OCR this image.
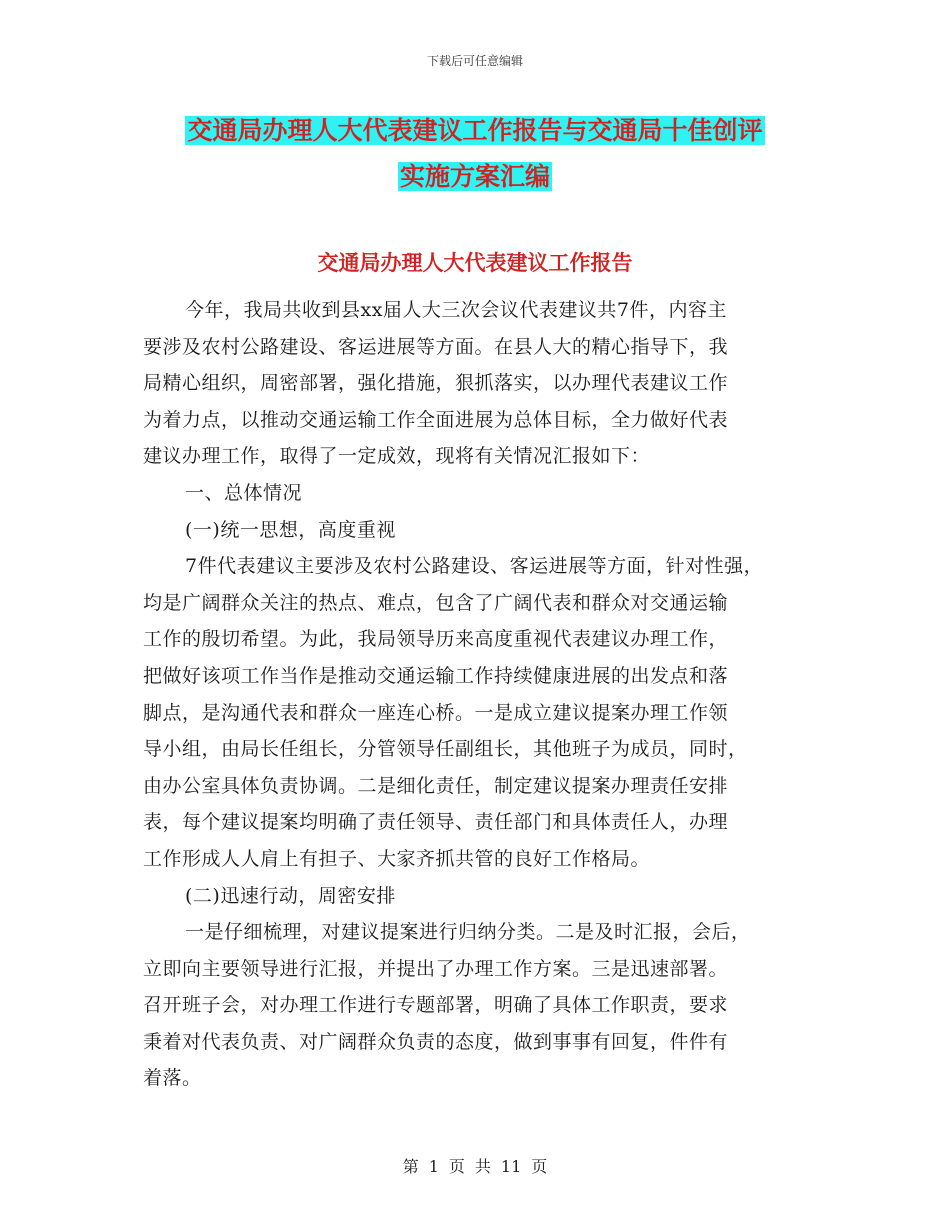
下载后可任意编辑
交通局办理人大代表建议工作报告与交通局十佳创评
实施方案汇编
交通局办理人大代表建议工作报告

今年，我局共收到县xx届人大三次会议代表建议共7件，内容主

要涉及农村公路建设、客运进展等方面。在县人大的精心指导下，我

局精心组织，周密部署，强化措施，狠抓落实，以办理代表建议工作

为着力点，以推动交通运输工作全面进展为总体目标，全力做好代表

建议办理工作，取得了一定成效，现将有关情况汇报如下：

一、总体情况

(一)统一思想，高度重视

7件代表建议主要涉及农村公路建设、客运进展等方面，针对性强，

均是广阔群众关注的热点、难点，包含了广阔代表和群众对交通运输

工作的殷切希望。为此，我局领导历来高度重视代表建议办理工作，

把做好该项工作当作是推动交通运输工作持续健康进展的出发点和落

脚点，是沟通代表和群众一座连心桥。一是成立建议提案办理工作领

导小组，由局长任组长，分管领导任副组长，其他班子为成员，同时，

由办公室具体负责协调。二是细化责任，制定建议提案办理责任安排

表，每个建议提案均明确了责任领导、责任部门和具体责任人，办理

工作形成人人肩上有担子、大家齐抓共管的良好工作格局。

(二)迅速行动，周密安排

一是仔细梳理，对建议提案进行归纳分类。二是及时汇报，会后，

立即向主要领导进行汇报，并提出了办理工作方案。三是迅速部署。

召开班子会，对办理工作进行专题部署，明确了具体工作职责，要求

秉着对代表负责、对广阔群众负责的态度，做到事事有回复，件件有

着落。

第 1 页 共 11 页
